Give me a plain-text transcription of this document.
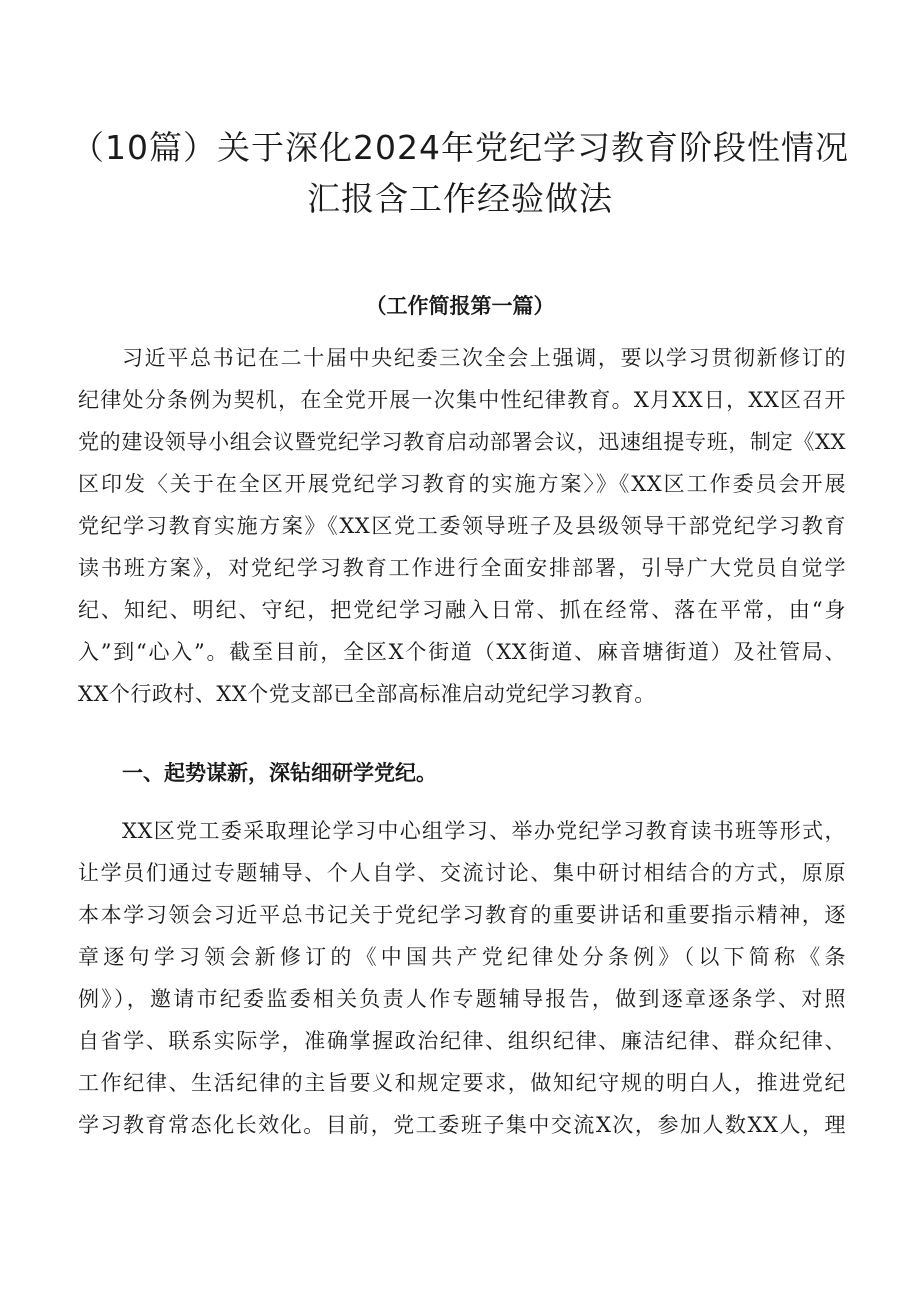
（10篇）关于深化2024年党纪学习教育阶段性情况
汇报含工作经验做法
（工作简报第一篇）
习近平总书记在二十届中央纪委三次全会上强调，要以学习贯彻新修订的
纪律处分条例为契机，在全党开展一次集中性纪律教育。X月XX日，XX区召开
党的建设领导小组会议暨党纪学习教育启动部署会议，迅速组提专班，制定《XX
区印发〈关于在全区开展党纪学习教育的实施方案〉》《XX区工作委员会开展
党纪学习教育实施方案》《XX区党工委领导班子及县级领导干部党纪学习教育
读书班方案》，对党纪学习教育工作进行全面安排部署，引导广大党员自觉学
纪、知纪、明纪、守纪，把党纪学习融入日常、抓在经常、落在平常，由“身
入”到“心入”。截至目前，全区X个街道（XX街道、麻音塘街道）及社管局、
XX个行政村、XX个党支部已全部高标准启动党纪学习教育。
一、起势谋新，深钻细研学党纪。
XX区党工委采取理论学习中心组学习、举办党纪学习教育读书班等形式，
让学员们通过专题辅导、个人自学、交流讨论、集中研讨相结合的方式，原原
本本学习领会习近平总书记关于党纪学习教育的重要讲话和重要指示精神，逐
章逐句学习领会新修订的《中国共产党纪律处分条例》（以下简称《条
例》），邀请市纪委监委相关负责人作专题辅导报告，做到逐章逐条学、对照
自省学、联系实际学，准确掌握政治纪律、组织纪律、廉洁纪律、群众纪律、
工作纪律、生活纪律的主旨要义和规定要求，做知纪守规的明白人，推进党纪
学习教育常态化长效化。目前，党工委班子集中交流X次，参加人数XX人，理
